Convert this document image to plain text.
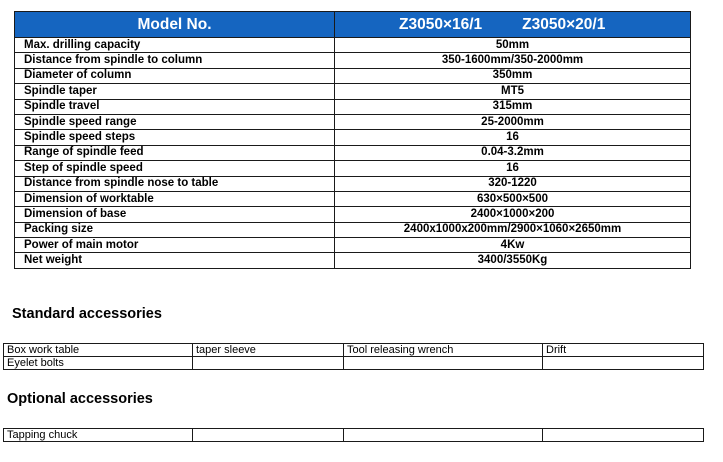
Model No.	Z3050×16/1 Z3050×20/1
Max. drilling capacity	50mm
Distance from spindle to column	350-1600mm/350-2000mm
Diameter of column	350mm
Spindle taper	MT5
Spindle travel	315mm
Spindle speed range	25-2000mm
Spindle speed steps	16
Range of spindle feed	0.04-3.2mm
Step of spindle speed	16
Distance from spindle nose to table	320-1220
Dimension of worktable	630×500×500
Dimension of base	2400×1000×200
Packing size	2400x1000x200mm/2900×1060×2650mm
Power of main motor	4Kw
Net weight	3400/3550Kg
Standard accessories
Box work table	taper sleeve	Tool releasing wrench	Drift
Eyelet bolts			
Optional accessories
Tapping chuck			
